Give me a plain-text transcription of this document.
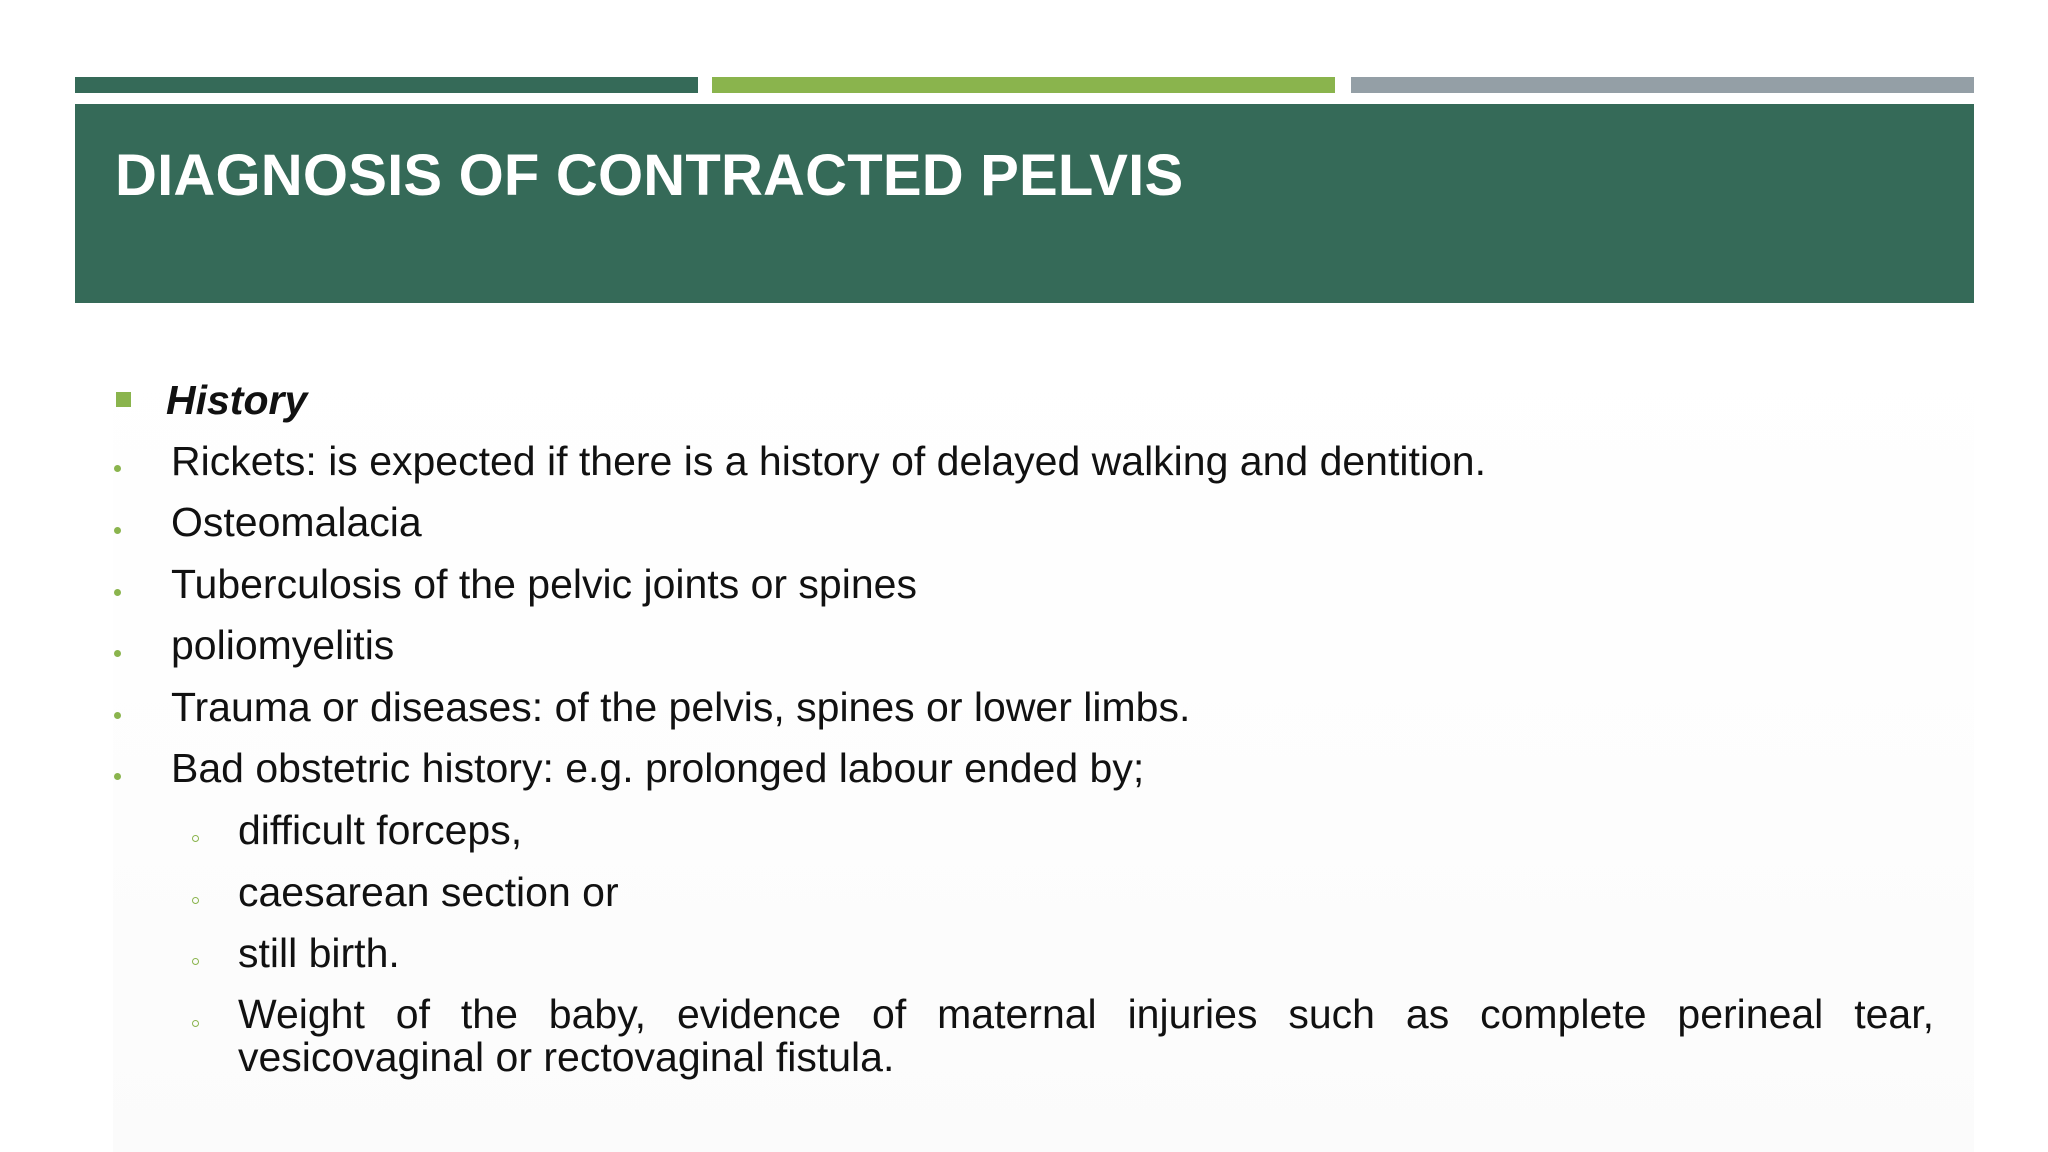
DIAGNOSIS OF CONTRACTED PELVIS
History
Rickets: is expected if there is a history of delayed walking and dentition.
Osteomalacia
Tuberculosis of the pelvic joints or spines
poliomyelitis
Trauma or diseases: of the pelvis, spines or lower limbs.
Bad obstetric history: e.g. prolonged labour ended by;
difficult forceps,
caesarean section or
still birth.
Weight of the baby, evidence of maternal injuries such as complete perineal tear, vesicovaginal or rectovaginal fistula.
